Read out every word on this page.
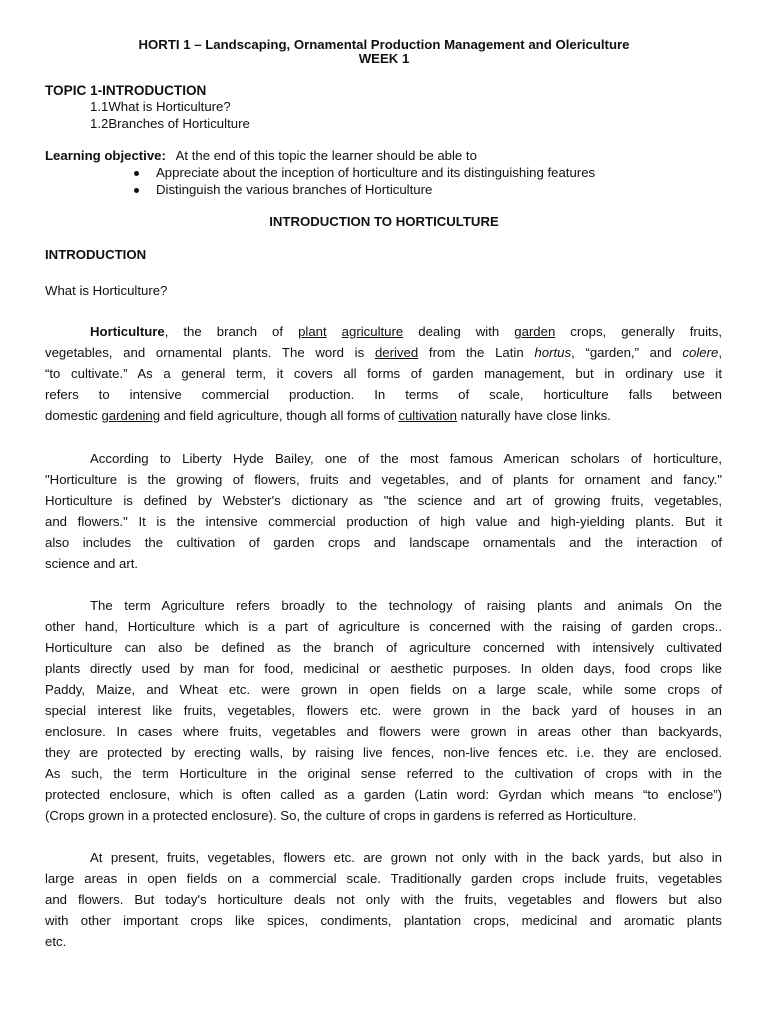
HORTI 1 – Landscaping, Ornamental Production Management and Olericulture
WEEK 1
TOPIC 1-INTRODUCTION
1.1What is Horticulture?
1.2Branches of Horticulture
Learning objective: At the end of this topic the learner should be able to
Appreciate about the inception of horticulture and its distinguishing features
Distinguish the various branches of Horticulture
INTRODUCTION TO HORTICULTURE
INTRODUCTION
What is Horticulture?
Horticulture, the branch of plant agriculture dealing with garden crops, generally fruits,
vegetables, and ornamental plants. The word is derived from the Latin hortus, “garden,” and colere,
“to cultivate.” As a general term, it covers all forms of garden management, but in ordinary use it
refers to intensive commercial production. In terms of scale, horticulture falls between
domestic gardening and field agriculture, though all forms of cultivation naturally have close links.
According to Liberty Hyde Bailey, one of the most famous American scholars of horticulture,
"Horticulture is the growing of flowers, fruits and vegetables, and of plants for ornament and fancy."
Horticulture is defined by Webster's dictionary as "the science and art of growing fruits, vegetables,
and flowers." It is the intensive commercial production of high value and high-yielding plants. But it
also includes the cultivation of garden crops and landscape ornamentals and the interaction of
science and art.
The term Agriculture refers broadly to the technology of raising plants and animals On the
other hand, Horticulture which is a part of agriculture is concerned with the raising of garden crops..
Horticulture can also be defined as the branch of agriculture concerned with intensively cultivated
plants directly used by man for food, medicinal or aesthetic purposes. In olden days, food crops like
Paddy, Maize, and Wheat etc. were grown in open fields on a large scale, while some crops of
special interest like fruits, vegetables, flowers etc. were grown in the back yard of houses in an
enclosure. In cases where fruits, vegetables and flowers were grown in areas other than backyards,
they are protected by erecting walls, by raising live fences, non-live fences etc. i.e. they are enclosed.
As such, the term Horticulture in the original sense referred to the cultivation of crops with in the
protected enclosure, which is often called as a garden (Latin word: Gyrdan which means “to enclose”)
(Crops grown in a protected enclosure). So, the culture of crops in gardens is referred as Horticulture.
At present, fruits, vegetables, flowers etc. are grown not only with in the back yards, but also in
large areas in open fields on a commercial scale. Traditionally garden crops include fruits, vegetables
and flowers. But today's horticulture deals not only with the fruits, vegetables and flowers but also
with other important crops like spices, condiments, plantation crops, medicinal and aromatic plants
etc.
